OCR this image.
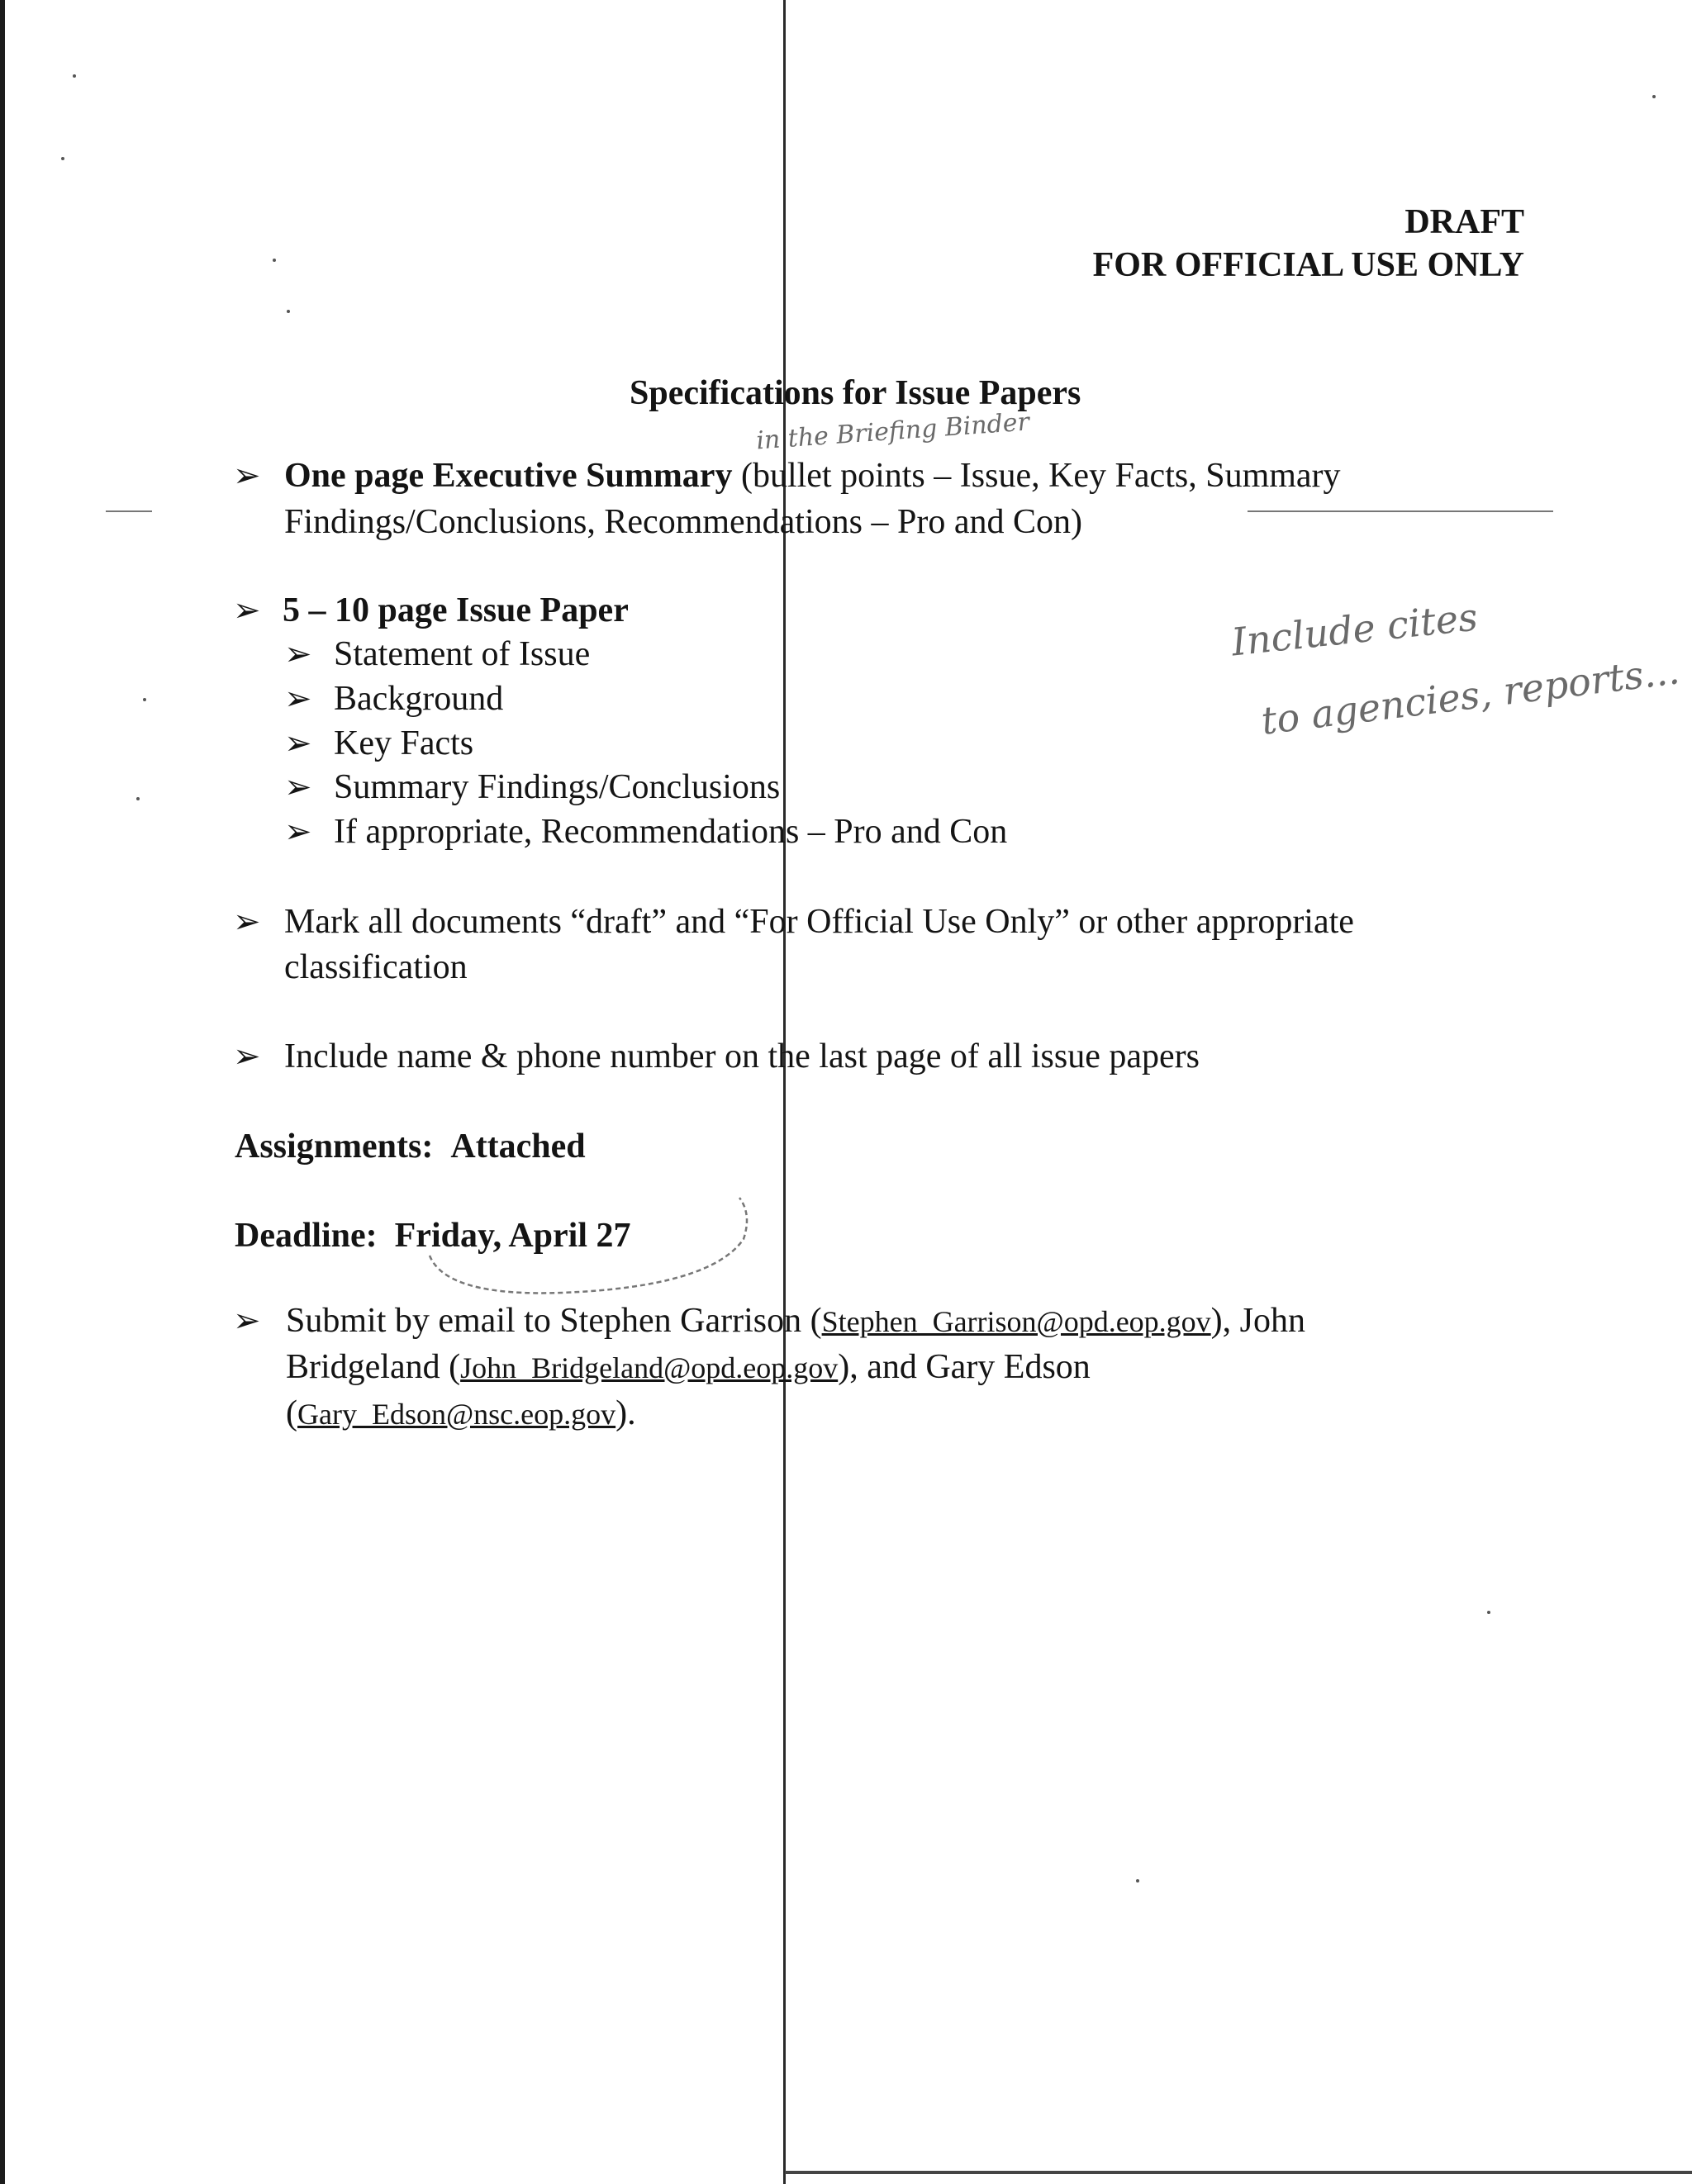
DRAFT
FOR OFFICIAL USE ONLY
Specifications for Issue Papers
in the Briefing Binder
➢ One page Executive Summary (bullet points – Issue, Key Facts, Summary
Findings/Conclusions, Recommendations – Pro and Con)
➢ 5 – 10 page Issue Paper
➢ Statement of Issue
➢ Background
➢ Key Facts
➢ Summary Findings/Conclusions
➢ If appropriate, Recommendations – Pro and Con
Include cites
to agencies, reports...
➢ Mark all documents “draft” and “For Official Use Only” or other appropriate
classification
➢ Include name & phone number on the last page of all issue papers
Assignments: Attached
Deadline: Friday, April 27
➢ Submit by email to Stephen Garrison (Stephen_Garrison@opd.eop.gov), John
Bridgeland (John_Bridgeland@opd.eop.gov), and Gary Edson
(Gary_Edson@nsc.eop.gov).
